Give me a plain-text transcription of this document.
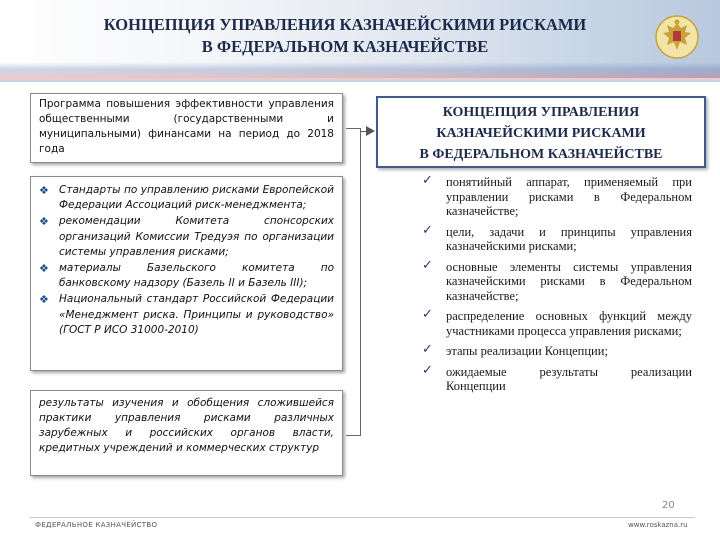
КОНЦЕПЦИЯ УПРАВЛЕНИЯ КАЗНАЧЕЙСКИМИ РИСКАМИ
В ФЕДЕРАЛЬНОМ КАЗНАЧЕЙСТВЕ
Программа повышения эффективности управления общественными (государственными и муниципальными) финансами на период до 2018 года
❖ Стандарты по управлению рисками Европейской Федерации Ассоциаций риск-менеджмента;
❖ рекомендации Комитета спонсорских организаций Комиссии Тредуэя по организации системы управления рисками;
❖ материалы Базельского комитета по банковскому надзору (Базель II и Базель III);
❖ Национальный стандарт Российской Федерации «Менеджмент риска. Принципы и руководство» (ГОСТ Р ИСО 31000-2010)
результаты изучения и обобщения сложившейся практики управления рисками различных зарубежных и российских органов власти, кредитных учреждений и коммерческих структур
КОНЦЕПЦИЯ УПРАВЛЕНИЯ
КАЗНАЧЕЙСКИМИ РИСКАМИ
В ФЕДЕРАЛЬНОМ КАЗНАЧЕЙСТВЕ
✓ понятийный аппарат, применяемый при управлении рисками в Федеральном казначействе;
✓ цели, задачи и принципы управления казначейскими рисками;
✓ основные элементы системы управления казначейскими рисками в Федеральном казначействе;
✓ распределение основных функций между участниками процесса управления рисками;
✓ этапы реализации Концепции;
✓ ожидаемые результаты реализации Концепции
20
ФЕДЕРАЛЬНОЕ КАЗНАЧЕЙСТВО	www.roskazna.ru
